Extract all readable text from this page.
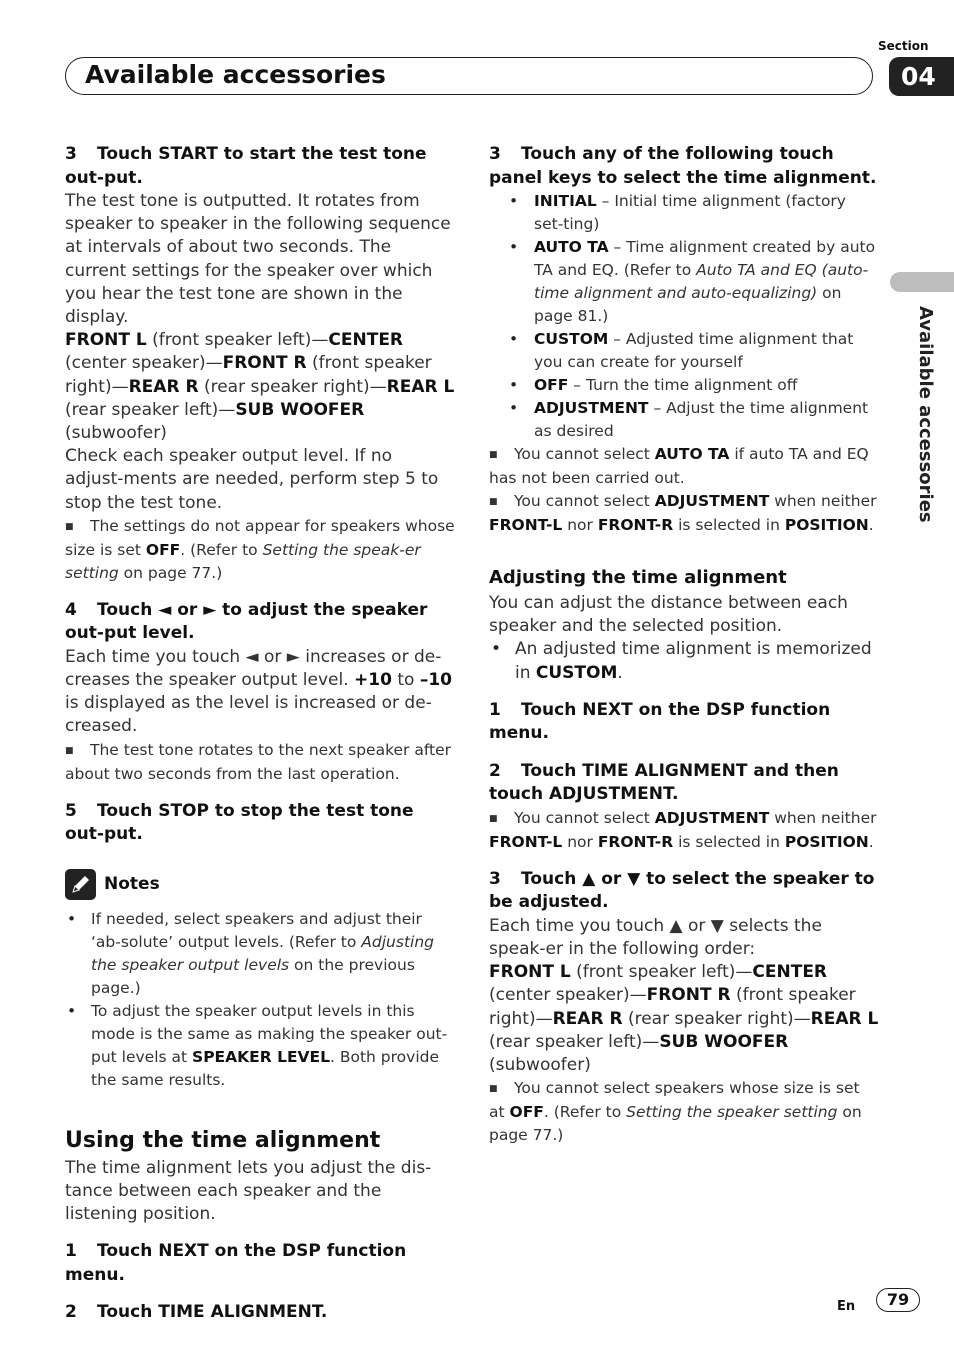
Available accessories
Section
04
Available accessories

3 Touch START to start the test tone out-put.

The test tone is outputted. It rotates from speaker to speaker in the following sequence at intervals of about two seconds. The current settings for the speaker over which you hear the test tone are shown in the display.

FRONT L (front speaker left)—CENTER (center speaker)—FRONT R (front speaker right)—REAR R (rear speaker right)—REAR L (rear speaker left)—SUB WOOFER (subwoofer)

Check each speaker output level. If no adjust-ments are needed, perform step 5 to stop the test tone.

■ The settings do not appear for speakers whose size is set OFF. (Refer to Setting the speak-er setting on page 77.)

4 Touch ◄ or ► to adjust the speaker out-put level.

Each time you touch ◄ or ► increases or de-creases the speaker output level. +10 to –10 is displayed as the level is increased or de-creased.

■ The test tone rotates to the next speaker after about two seconds from the last operation.

5 Touch STOP to stop the test tone out-put.

Notes

• If needed, select speakers and adjust their ‘ab-solute’ output levels. (Refer to Adjusting the speaker output levels on the previous page.)

• To adjust the speaker output levels in this mode is the same as making the speaker out-put levels at SPEAKER LEVEL. Both provide the same results.

Using the time alignment

The time alignment lets you adjust the dis-tance between each speaker and the listening position.

1 Touch NEXT on the DSP function menu.

2 Touch TIME ALIGNMENT.

3 Touch any of the following touch panel keys to select the time alignment.

• INITIAL – Initial time alignment (factory set-ting)

• AUTO TA – Time alignment created by auto TA and EQ. (Refer to Auto TA and EQ (auto-time alignment and auto-equalizing) on page 81.)

• CUSTOM – Adjusted time alignment that you can create for yourself

• OFF – Turn the time alignment off

• ADJUSTMENT – Adjust the time alignment as desired

■ You cannot select AUTO TA if auto TA and EQ has not been carried out.

■ You cannot select ADJUSTMENT when neither FRONT-L nor FRONT-R is selected in POSITION.

Adjusting the time alignment

You can adjust the distance between each speaker and the selected position.

• An adjusted time alignment is memorized in CUSTOM.

1 Touch NEXT on the DSP function menu.

2 Touch TIME ALIGNMENT and then touch ADJUSTMENT.

■ You cannot select ADJUSTMENT when neither FRONT-L nor FRONT-R is selected in POSITION.

3 Touch ▲ or ▼ to select the speaker to be adjusted.

Each time you touch ▲ or ▼ selects the speak-er in the following order:

FRONT L (front speaker left)—CENTER (center speaker)—FRONT R (front speaker right)—REAR R (rear speaker right)—REAR L (rear speaker left)—SUB WOOFER (subwoofer)

■ You cannot select speakers whose size is set at OFF. (Refer to Setting the speaker setting on page 77.)

En	79
